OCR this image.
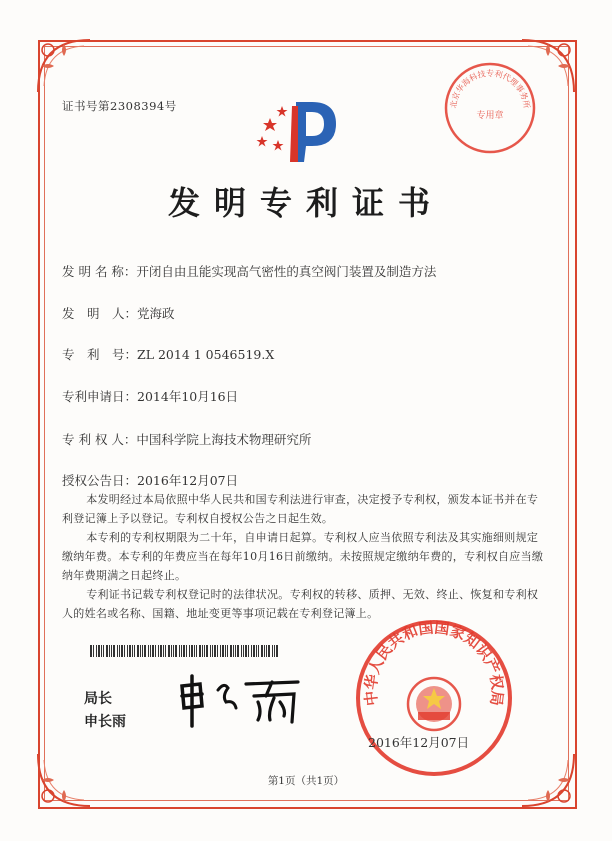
证书号第2308394号	北京华海科技专利代理事务所
专用章
发明专利证书
发 明 名 称：开闭自由且能实现高气密性的真空阀门装置及制造方法
发　明　人：党海政
专　利　号：ZL 2014 1 0546519.X
专利申请日：2014年10月16日
专 利 权 人：中国科学院上海技术物理研究所
授权公告日：2016年12月07日

本发明经过本局依照中华人民共和国专利法进行审查，决定授予专利权，颁发本证书并在专利登记簿上予以登记。专利权自授权公告之日起生效。

本专利的专利权期限为二十年，自申请日起算。专利权人应当依照专利法及其实施细则规定缴纳年费。本专利的年费应当在每年10月16日前缴纳。未按照规定缴纳年费的，专利权自应当缴纳年费期满之日起终止。

专利证书记载专利权登记时的法律状况。专利权的转移、质押、无效、终止、恢复和专利权人的姓名或名称、国籍、地址变更等事项记载在专利登记簿上。

局长
申长雨
中华人民共和国国家知识产权局
2016年12月07日
第1页（共1页）
